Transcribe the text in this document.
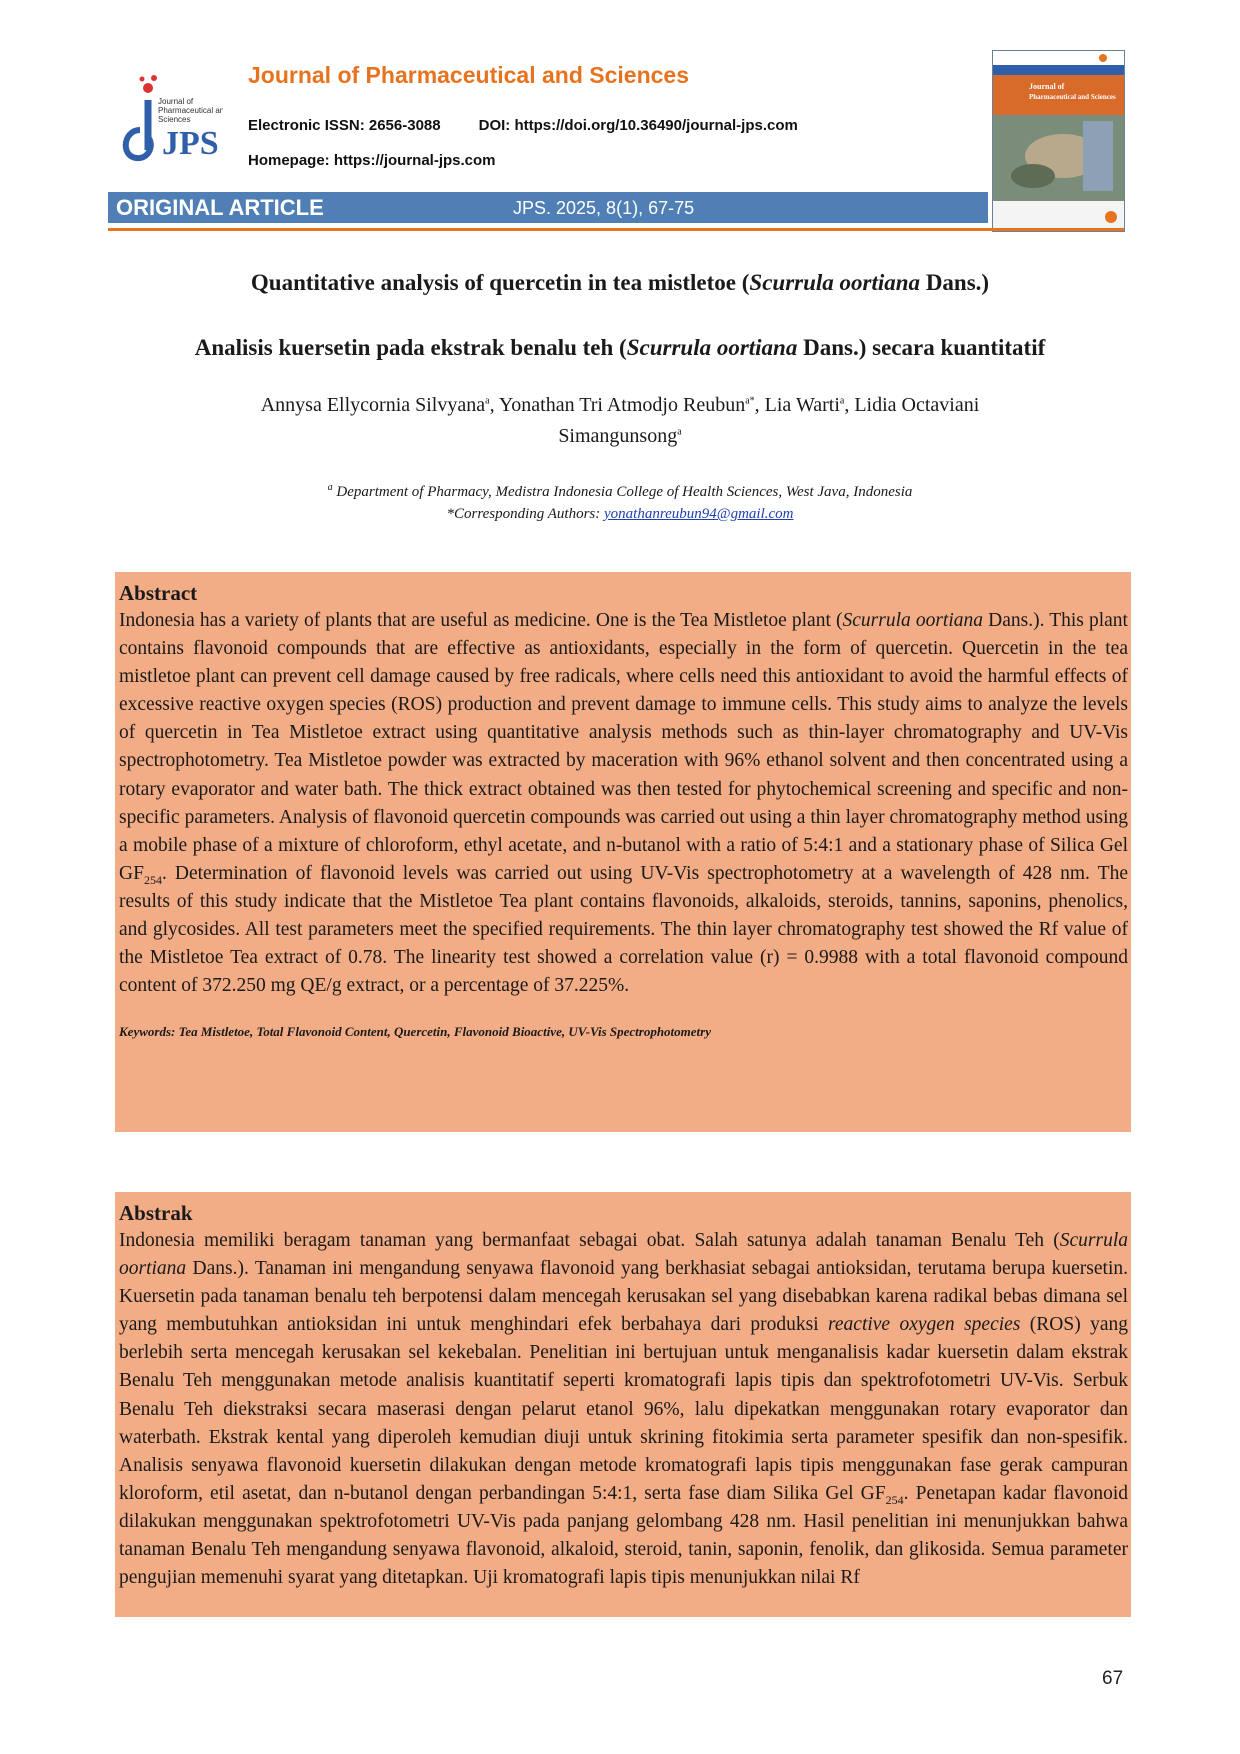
JPS
Journal of
Pharmaceutical and
Sciences
Journal of Pharmaceutical and Sciences
Electronic ISSN: 2656-3088	DOI: https://doi.org/10.36490/journal-jps.com
Homepage: https://journal-jps.com
Journal of
Pharmaceutical and Sciences
ORIGINAL ARTICLE	JPS. 2025, 8(1), 67-75
Quantitative analysis of quercetin in tea mistletoe (Scurrula oortiana Dans.)
Analisis kuersetin pada ekstrak benalu teh (Scurrula oortiana Dans.) secara kuantitatif
Annysa Ellycornia Silvyana$^a$, Yonathan Tri Atmodjo Reubun$^{a*}$, Lia Warti$^a$, Lidia Octaviani Simangunsong$^a$
$^a$ Department of Pharmacy, Medistra Indonesia College of Health Sciences, West Java, Indonesia
*Corresponding Authors: yonathanreubun94@gmail.com
Abstract

Indonesia has a variety of plants that are useful as medicine. One is the Tea Mistletoe plant (Scurrula oortiana Dans.). This plant contains flavonoid compounds that are effective as antioxidants, especially in the form of quercetin. Quercetin in the tea mistletoe plant can prevent cell damage caused by free radicals, where cells need this antioxidant to avoid the harmful effects of excessive reactive oxygen species (ROS) production and prevent damage to immune cells. This study aims to analyze the levels of quercetin in Tea Mistletoe extract using quantitative analysis methods such as thin-layer chromatography and UV-Vis spectrophotometry. Tea Mistletoe powder was extracted by maceration with 96% ethanol solvent and then concentrated using a rotary evaporator and water bath. The thick extract obtained was then tested for phytochemical screening and specific and non-specific parameters. Analysis of flavonoid quercetin compounds was carried out using a thin layer chromatography method using a mobile phase of a mixture of chloroform, ethyl acetate, and n-butanol with a ratio of 5:4:1 and a stationary phase of Silica Gel $GF_{254}$. Determination of flavonoid levels was carried out using UV-Vis spectrophotometry at a wavelength of 428 nm. The results of this study indicate that the Mistletoe Tea plant contains flavonoids, alkaloids, steroids, tannins, saponins, phenolics, and glycosides. All test parameters meet the specified requirements. The thin layer chromatography test showed the Rf value of the Mistletoe Tea extract of 0.78. The linearity test showed a correlation value (r) = 0.9988 with a total flavonoid compound content of 372.250 mg QE/g extract, or a percentage of 37.225%.

Keywords: Tea Mistletoe, Total Flavonoid Content, Quercetin, Flavonoid Bioactive, UV-Vis Spectrophotometry
Abstrak

Indonesia memiliki beragam tanaman yang bermanfaat sebagai obat. Salah satunya adalah tanaman Benalu Teh (Scurrula oortiana Dans.). Tanaman ini mengandung senyawa flavonoid yang berkhasiat sebagai antioksidan, terutama berupa kuersetin. Kuersetin pada tanaman benalu teh berpotensi dalam mencegah kerusakan sel yang disebabkan karena radikal bebas dimana sel yang membutuhkan antioksidan ini untuk menghindari efek berbahaya dari produksi reactive oxygen species (ROS) yang berlebih serta mencegah kerusakan sel kekebalan. Penelitian ini bertujuan untuk menganalisis kadar kuersetin dalam ekstrak Benalu Teh menggunakan metode analisis kuantitatif seperti kromatografi lapis tipis dan spektrofotometri UV-Vis. Serbuk Benalu Teh diekstraksi secara maserasi dengan pelarut etanol 96%, lalu dipekatkan menggunakan rotary evaporator dan waterbath. Ekstrak kental yang diperoleh kemudian diuji untuk skrining fitokimia serta parameter spesifik dan non-spesifik. Analisis senyawa flavonoid kuersetin dilakukan dengan metode kromatografi lapis tipis menggunakan fase gerak campuran kloroform, etil asetat, dan n-butanol dengan perbandingan 5:4:1, serta fase diam Silika Gel $GF_{254}$. Penetapan kadar flavonoid dilakukan menggunakan spektrofotometri UV-Vis pada panjang gelombang 428 nm. Hasil penelitian ini menunjukkan bahwa tanaman Benalu Teh mengandung senyawa flavonoid, alkaloid, steroid, tanin, saponin, fenolik, dan glikosida. Semua parameter pengujian memenuhi syarat yang ditetapkan. Uji kromatografi lapis tipis menunjukkan nilai Rf

67
